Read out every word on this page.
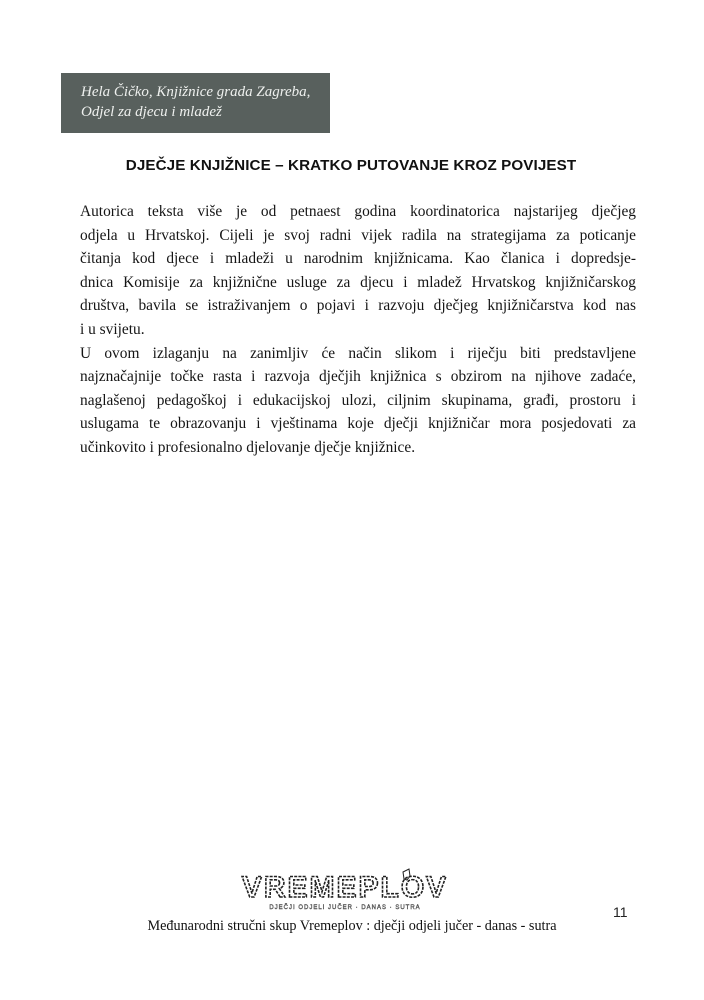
Hela Čičko, Knjižnice grada Zagreba,
Odjel za djecu i mladež
DJEČJE KNJIŽNICE – KRATKO PUTOVANJE KROZ POVIJEST

Autorica teksta više je od petnaest godina koordinatorica najstarijeg dječjeg
odjela u Hrvatskoj. Cijeli je svoj radni vijek radila na strategijama za poticanje
čitanja kod djece i mladeži u narodnim knjižnicama. Kao članica i dopredsje-
dnica Komisije za knjižnične usluge za djecu i mladež Hrvatskog knjižničarskog
društva, bavila se istraživanjem o pojavi i razvoju dječjeg knjižničarstva kod nas
i u svijetu.

U ovom izlaganju na zanimljiv će način slikom i riječju biti predstavljene
najznačajnije točke rasta i razvoja dječjih knjižnica s obzirom na njihove zadaće,
naglašenoj pedagoškoj i edukacijskoj ulozi, ciljnim skupinama, građi, prostoru i
uslugama te obrazovanju i vještinama koje dječji knjižničar mora posjedovati za
učinkovito i profesionalno djelovanje dječje knjižnice.

VREMEPLOV
DJEČJI ODJELI JUČER · DANAS · SUTRA
Međunarodni stručni skup Vremeplov : dječji odjeli jučer - danas - sutra
11
